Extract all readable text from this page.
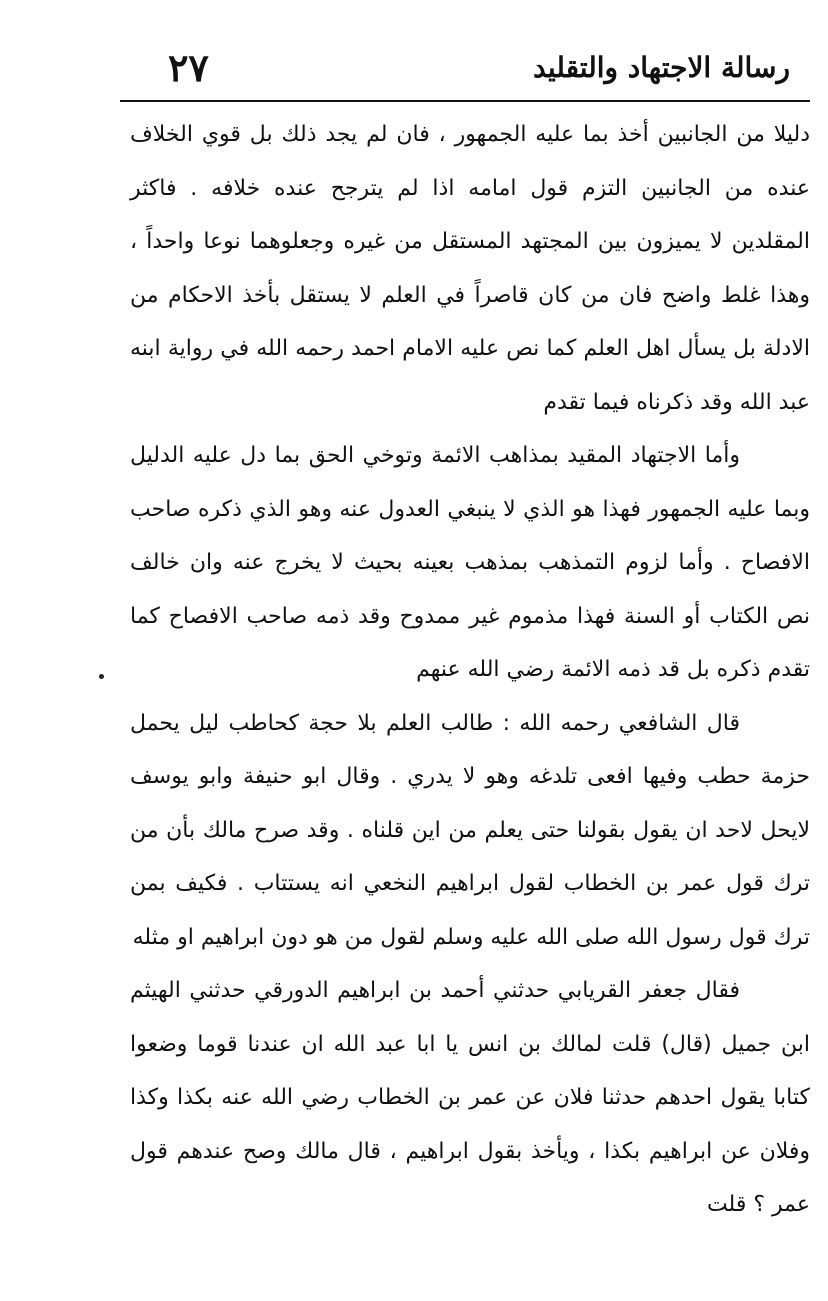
٢٧	رسالة الاجتهاد والتقليد

دليلا من الجانبين أخذ بما عليه الجمهور ، فان لم يجد ذلك بل قوي الخلاف عنده من الجانبين التزم قول امامه اذا لم يترجح عنده خلافه . فاكثر المقلدين لا يميزون بين المجتهد المستقل من غيره وجعلوهما نوعا واحداً ، وهذا غلط واضح فان من كان قاصراً في العلم لا يستقل بأخذ الاحكام من الادلة بل يسأل اهل العلم كما نص عليه الامام احمد رحمه الله في رواية ابنه عبد الله وقد ذكرناه فيما تقدم

وأما الاجتهاد المقيد بمذاهب الائمة وتوخي الحق بما دل عليه الدليل وبما عليه الجمهور فهذا هو الذي لا ينبغي العدول عنه وهو الذي ذكره صاحب الافصاح . وأما لزوم التمذهب بمذهب بعينه بحيث لا يخرج عنه وان خالف نص الكتاب أو السنة فهذا مذموم غير ممدوح وقد ذمه صاحب الافصاح كما تقدم ذكره بل قد ذمه الائمة رضي الله عنهم

قال الشافعي رحمه الله : طالب العلم بلا حجة كحاطب ليل يحمل حزمة حطب وفيها افعى تلدغه وهو لا يدري . وقال ابو حنيفة وابو يوسف لايحل لاحد ان يقول بقولنا حتى يعلم من اين قلناه . وقد صرح مالك بأن من ترك قول عمر بن الخطاب لقول ابراهيم النخعي انه يستتاب . فكيف بمن ترك قول رسول الله صلى الله عليه وسلم لقول من هو دون ابراهيم او مثله

فقال جعفر القريابي حدثني أحمد بن ابراهيم الدورقي حدثني الهيثم ابن جميل (قال) قلت لمالك بن انس يا ابا عبد الله ان عندنا قوما وضعوا كتابا يقول احدهم حدثنا فلان عن عمر بن الخطاب رضي الله عنه بكذا وكذا وفلان عن ابراهيم بكذا ، ويأخذ بقول ابراهيم ، قال مالك وصح عندهم قول عمر ؟ قلت
